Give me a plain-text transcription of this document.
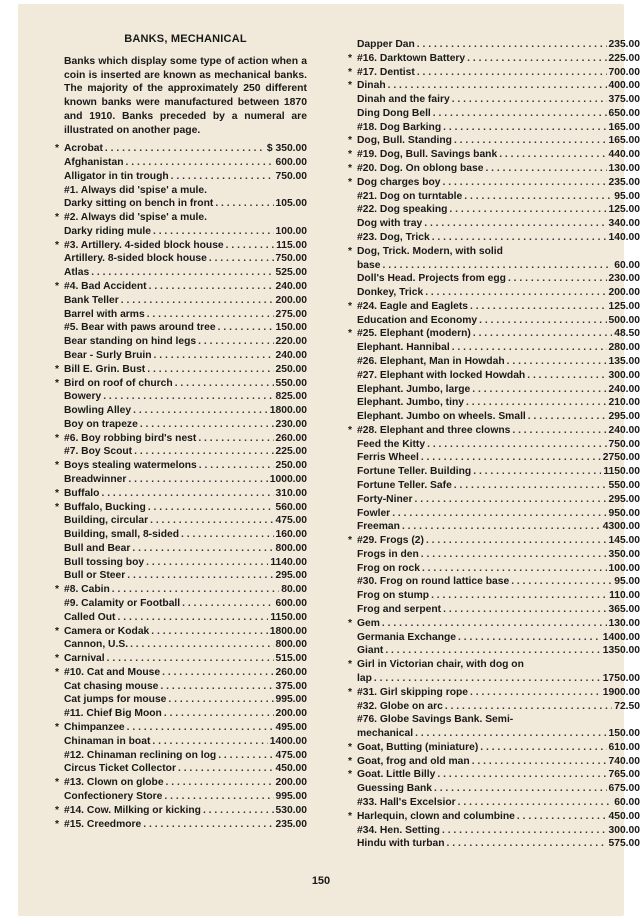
BANKS, MECHANICAL
Banks which display some type of action when a coin is inserted are known as mechanical banks. The majority of the approximately 250 different known banks were manufactured between 1870 and 1910. Banks preceded by a numeral are illustrated on another page.
* Acrobat . . .	$ 350.00
Afghanistan . . .	600.00
Alligator in tin trough . . .	750.00
#1. Always did 'spise' a mule.
Darky sitting on bench in front . . .	105.00
* #2. Always did 'spise' a mule.
Darky riding mule . . .	100.00
* #3. Artillery. 4-sided block house . . .	115.00
Artillery. 8-sided block house . . .	750.00
Atlas . . .	525.00
* #4. Bad Accident . . .	240.00
Bank Teller . . .	200.00
Barrel with arms . . .	275.00
#5. Bear with paws around tree . . .	150.00
Bear standing on hind legs . . .	220.00
Bear - Surly Bruin . . .	240.00
* Bill E. Grin. Bust . . .	250.00
* Bird on roof of church . . .	550.00
Bowery . . .	825.00
Bowling Alley . . .	1800.00
Boy on trapeze . . .	230.00
* #6. Boy robbing bird's nest . . .	260.00
#7. Boy Scout . . .	225.00
* Boys stealing watermelons . . .	250.00
Breadwinner . . .	1000.00
* Buffalo . . .	310.00
* Buffalo, Bucking . . .	560.00
Building, circular . . .	475.00
Building, small, 8-sided . . .	160.00
Bull and Bear . . .	800.00
Bull tossing boy . . .	1140.00
Bull or Steer . . .	295.00
* #8. Cabin . . .	80.00
#9. Calamity or Football . . .	600.00
Called Out . . .	1150.00
* Camera or Kodak . . .	1800.00
Cannon, U.S. . . .	800.00
* Carnival . . .	515.00
* #10. Cat and Mouse . . .	260.00
Cat chasing mouse . . .	375.00
Cat jumps for mouse . . .	995.00
#11. Chief Big Moon . . .	200.00
* Chimpanzee . . .	495.00
Chinaman in boat . . .	1400.00
#12. Chinaman reclining on log . . .	475.00
Circus Ticket Collector . . .	450.00
* #13. Clown on globe . . .	200.00
Confectionery Store . . .	995.00
* #14. Cow. Milking or kicking . . .	530.00
* #15. Creedmore . . .	235.00
Dapper Dan . . .	235.00
* #16. Darktown Battery . . .	225.00
* #17. Dentist . . .	700.00
* Dinah . . .	400.00
Dinah and the fairy . . .	375.00
Ding Dong Bell . . .	650.00
#18. Dog Barking . . .	165.00
* Dog, Bull. Standing . . .	165.00
* #19. Dog, Bull. Savings bank . . .	440.00
* #20. Dog. On oblong base . . .	130.00
* Dog charges boy . . .	235.00
#21. Dog on turntable . . .	95.00
#22. Dog speaking . . .	125.00
Dog with tray . . .	340.00
#23. Dog, Trick . . .	140.00
* Dog, Trick. Modern, with solid
base . . .	60.00
Doll's Head. Projects from egg . . .	230.00
Donkey, Trick . . .	200.00
* #24. Eagle and Eaglets . . .	125.00
Education and Economy . . .	500.00
* #25. Elephant (modern) . . .	48.50
Elephant. Hannibal . . .	280.00
#26. Elephant, Man in Howdah . . .	135.00
#27. Elephant with locked Howdah . . .	300.00
Elephant. Jumbo, large . . .	240.00
Elephant. Jumbo, tiny . . .	210.00
Elephant. Jumbo on wheels. Small . . .	295.00
* #28. Elephant and three clowns . . .	240.00
Feed the Kitty . . .	750.00
Ferris Wheel . . .	2750.00
Fortune Teller. Building . . .	1150.00
Fortune Teller. Safe . . .	550.00
Forty-Niner . . .	295.00
Fowler . . .	950.00
Freeman . . .	4300.00
* #29. Frogs (2) . . .	145.00
Frogs in den . . .	350.00
Frog on rock . . .	100.00
#30. Frog on round lattice base . . .	95.00
Frog on stump . . .	110.00
Frog and serpent . . .	365.00
* Gem . . .	130.00
Germania Exchange . . .	1400.00
Giant . . .	1350.00
* Girl in Victorian chair, with dog on
lap . . .	1750.00
* #31. Girl skipping rope . . .	1900.00
#32. Globe on arc . . .	72.50
#76. Globe Savings Bank. Semi-
mechanical . . .	150.00
* Goat, Butting (miniature) . . .	610.00
* Goat, frog and old man . . .	740.00
* Goat. Little Billy . . .	765.00
Guessing Bank . . .	675.00
#33. Hall's Excelsior . . .	60.00
* Harlequin, clown and columbine . . .	450.00
#34. Hen. Setting . . .	300.00
Hindu with turban . . .	575.00
150
